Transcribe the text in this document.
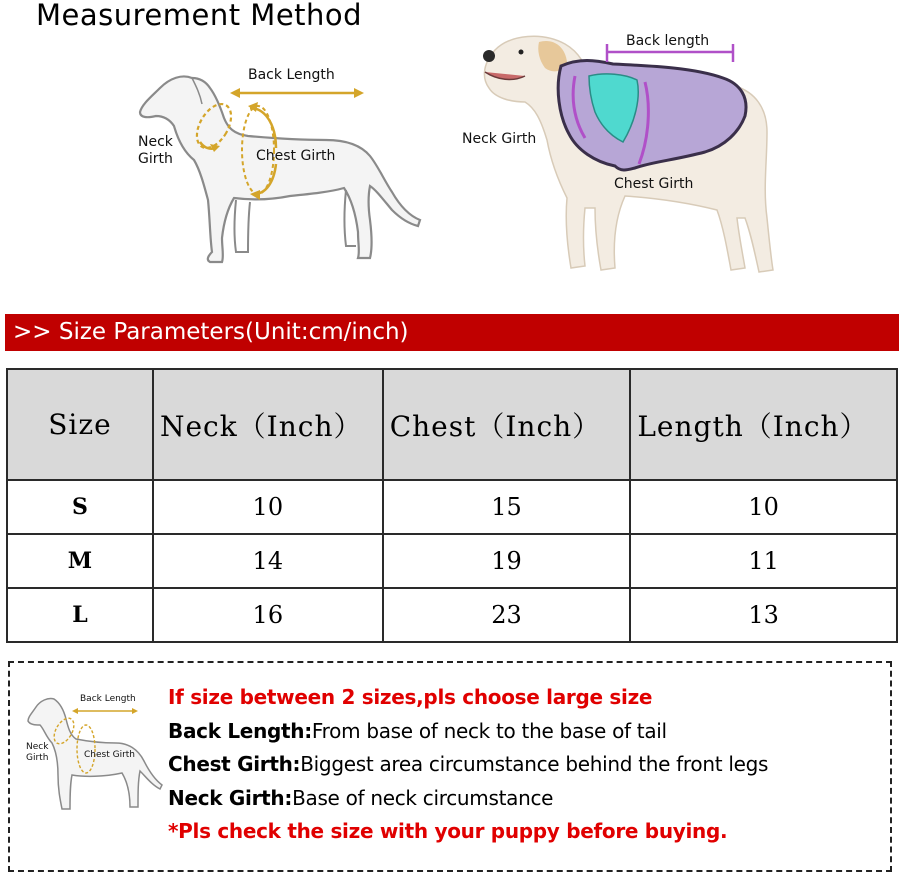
Measurement Method
Back Length
Neck
Girth	Chest Girth
Back length
Neck Girth
Chest Girth
>> Size Parameters(Unit:cm/inch)
Size	Neck（Inch）	Chest（Inch）	Length（Inch）
S	10	15	10
M	14	19	11
L	16	23	13
Back Length
Neck
Girth	Chest Girth
If size between 2 sizes,pls choose large size
Back Length:From base of neck to the base of tail
Chest Girth:Biggest area circumstance behind the front legs
Neck Girth:Base of neck circumstance
*Pls check the size with your puppy before buying.
